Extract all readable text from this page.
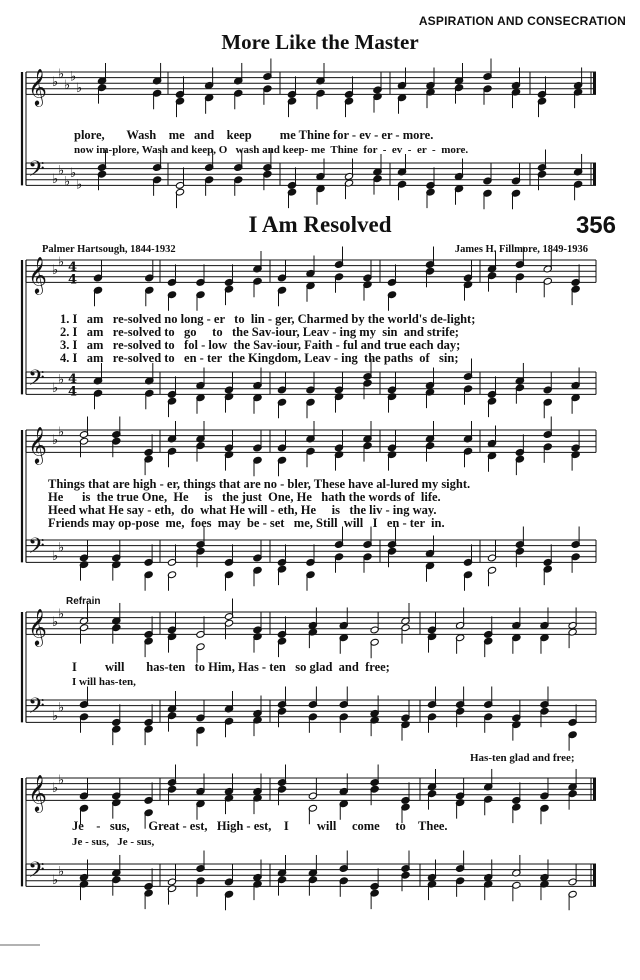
ASPIRATION AND CONSECRATION
More Like the Master
𝄞 ♭
♭
♭
♭
♭
𝄢 ♭
♭
♭
♭
♭
𝄞 ♭
♭ 4
4
𝄢 ♭
♭ 4
4
𝄞 ♭
♭
𝄢 ♭
♭
𝄞 ♭
♭
𝄢 ♭
♭
𝄞 ♭
♭
𝄢 ♭
♭
plore,       Wash    me   and    keep         me Thine for - ev - er - more.
now im-plore, Wash and keep, O   wash and keep- me  Thine  for  -  ev  -  er  -  more.
I Am Resolved	356
Palmer Hartsough, 1844-1932	James H. Fillmore, 1849-1936
1. I   am   re-solved no long - er   to  lin - ger, Charmed by the world's de-light;
2. I   am   re-solved to   go     to   the Sav-iour, Leav - ing my  sin  and strife;
3. I   am   re-solved to   fol - low  the Sav-iour, Faith - ful and true each day;
4. I   am   re-solved to   en - ter  the Kingdom, Leav - ing  the paths  of   sin;
Things that are high - er, things that are no - bler, These have al-lured my sight.
He      is  the true One,  He     is   the just  One, He   hath the words of  life.
Heed what He say - eth,  do  what He will - eth, He     is   the liv - ing way.
Friends may op-pose  me,  foes  may  be - set   me, Still  will   I   en - ter  in.
Refrain
I         will       has-ten   to Him, Has - ten   so glad  and  free;
I will has-ten,
Has-ten glad and free;
Je    -   sus,      Great - est,   High - est,    I         will     come     to    Thee.
Je - sus,   Je - sus,
